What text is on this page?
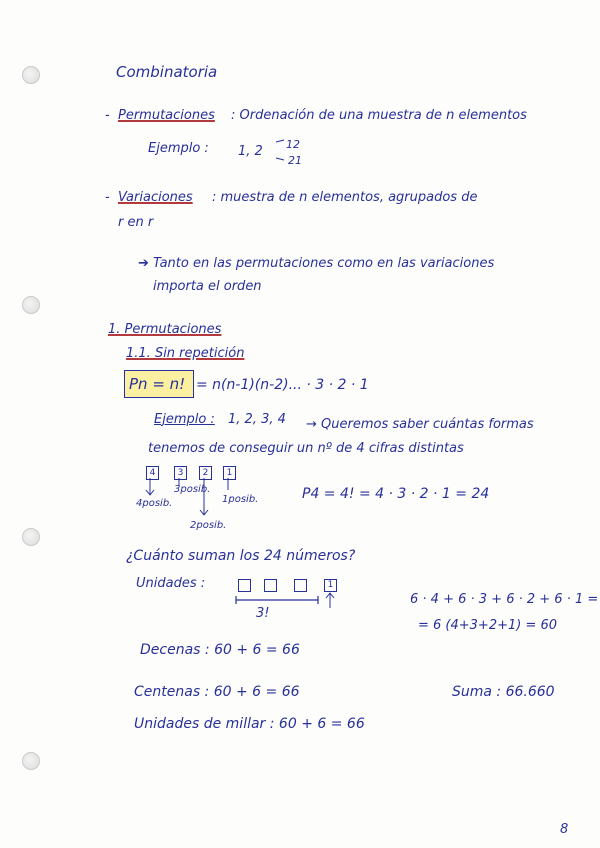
Combinatoria
- Permutaciones : Ordenación de una muestra de n elementos
Ejemplo : 1, 2 12
21
- Variaciones : muestra de n elementos, agrupados de
r en r
➔ Tanto en las permutaciones como en las variaciones
importa el orden
1. Permutaciones
1.1. Sin repetición
Pn = n! = n(n-1)(n-2)... · 3 · 2 · 1
Ejemplo : 1, 2, 3, 4 → Queremos saber cuántas formas
tenemos de conseguir un nº de 4 cifras distintas
4	3	2	1
4posib.
3posib.
2posib.
1posib.	P4 = 4! = 4 · 3 · 2 · 1 = 24
¿Cuánto suman los 24 números?
Unidades :	1
3!
6 · 4 + 6 · 3 + 6 · 2 + 6 · 1 =
= 6 (4+3+2+1) = 60
Decenas : 60 + 6 = 66
Centenas : 60 + 6 = 66	Suma : 66.660
Unidades de millar : 60 + 6 = 66
8
